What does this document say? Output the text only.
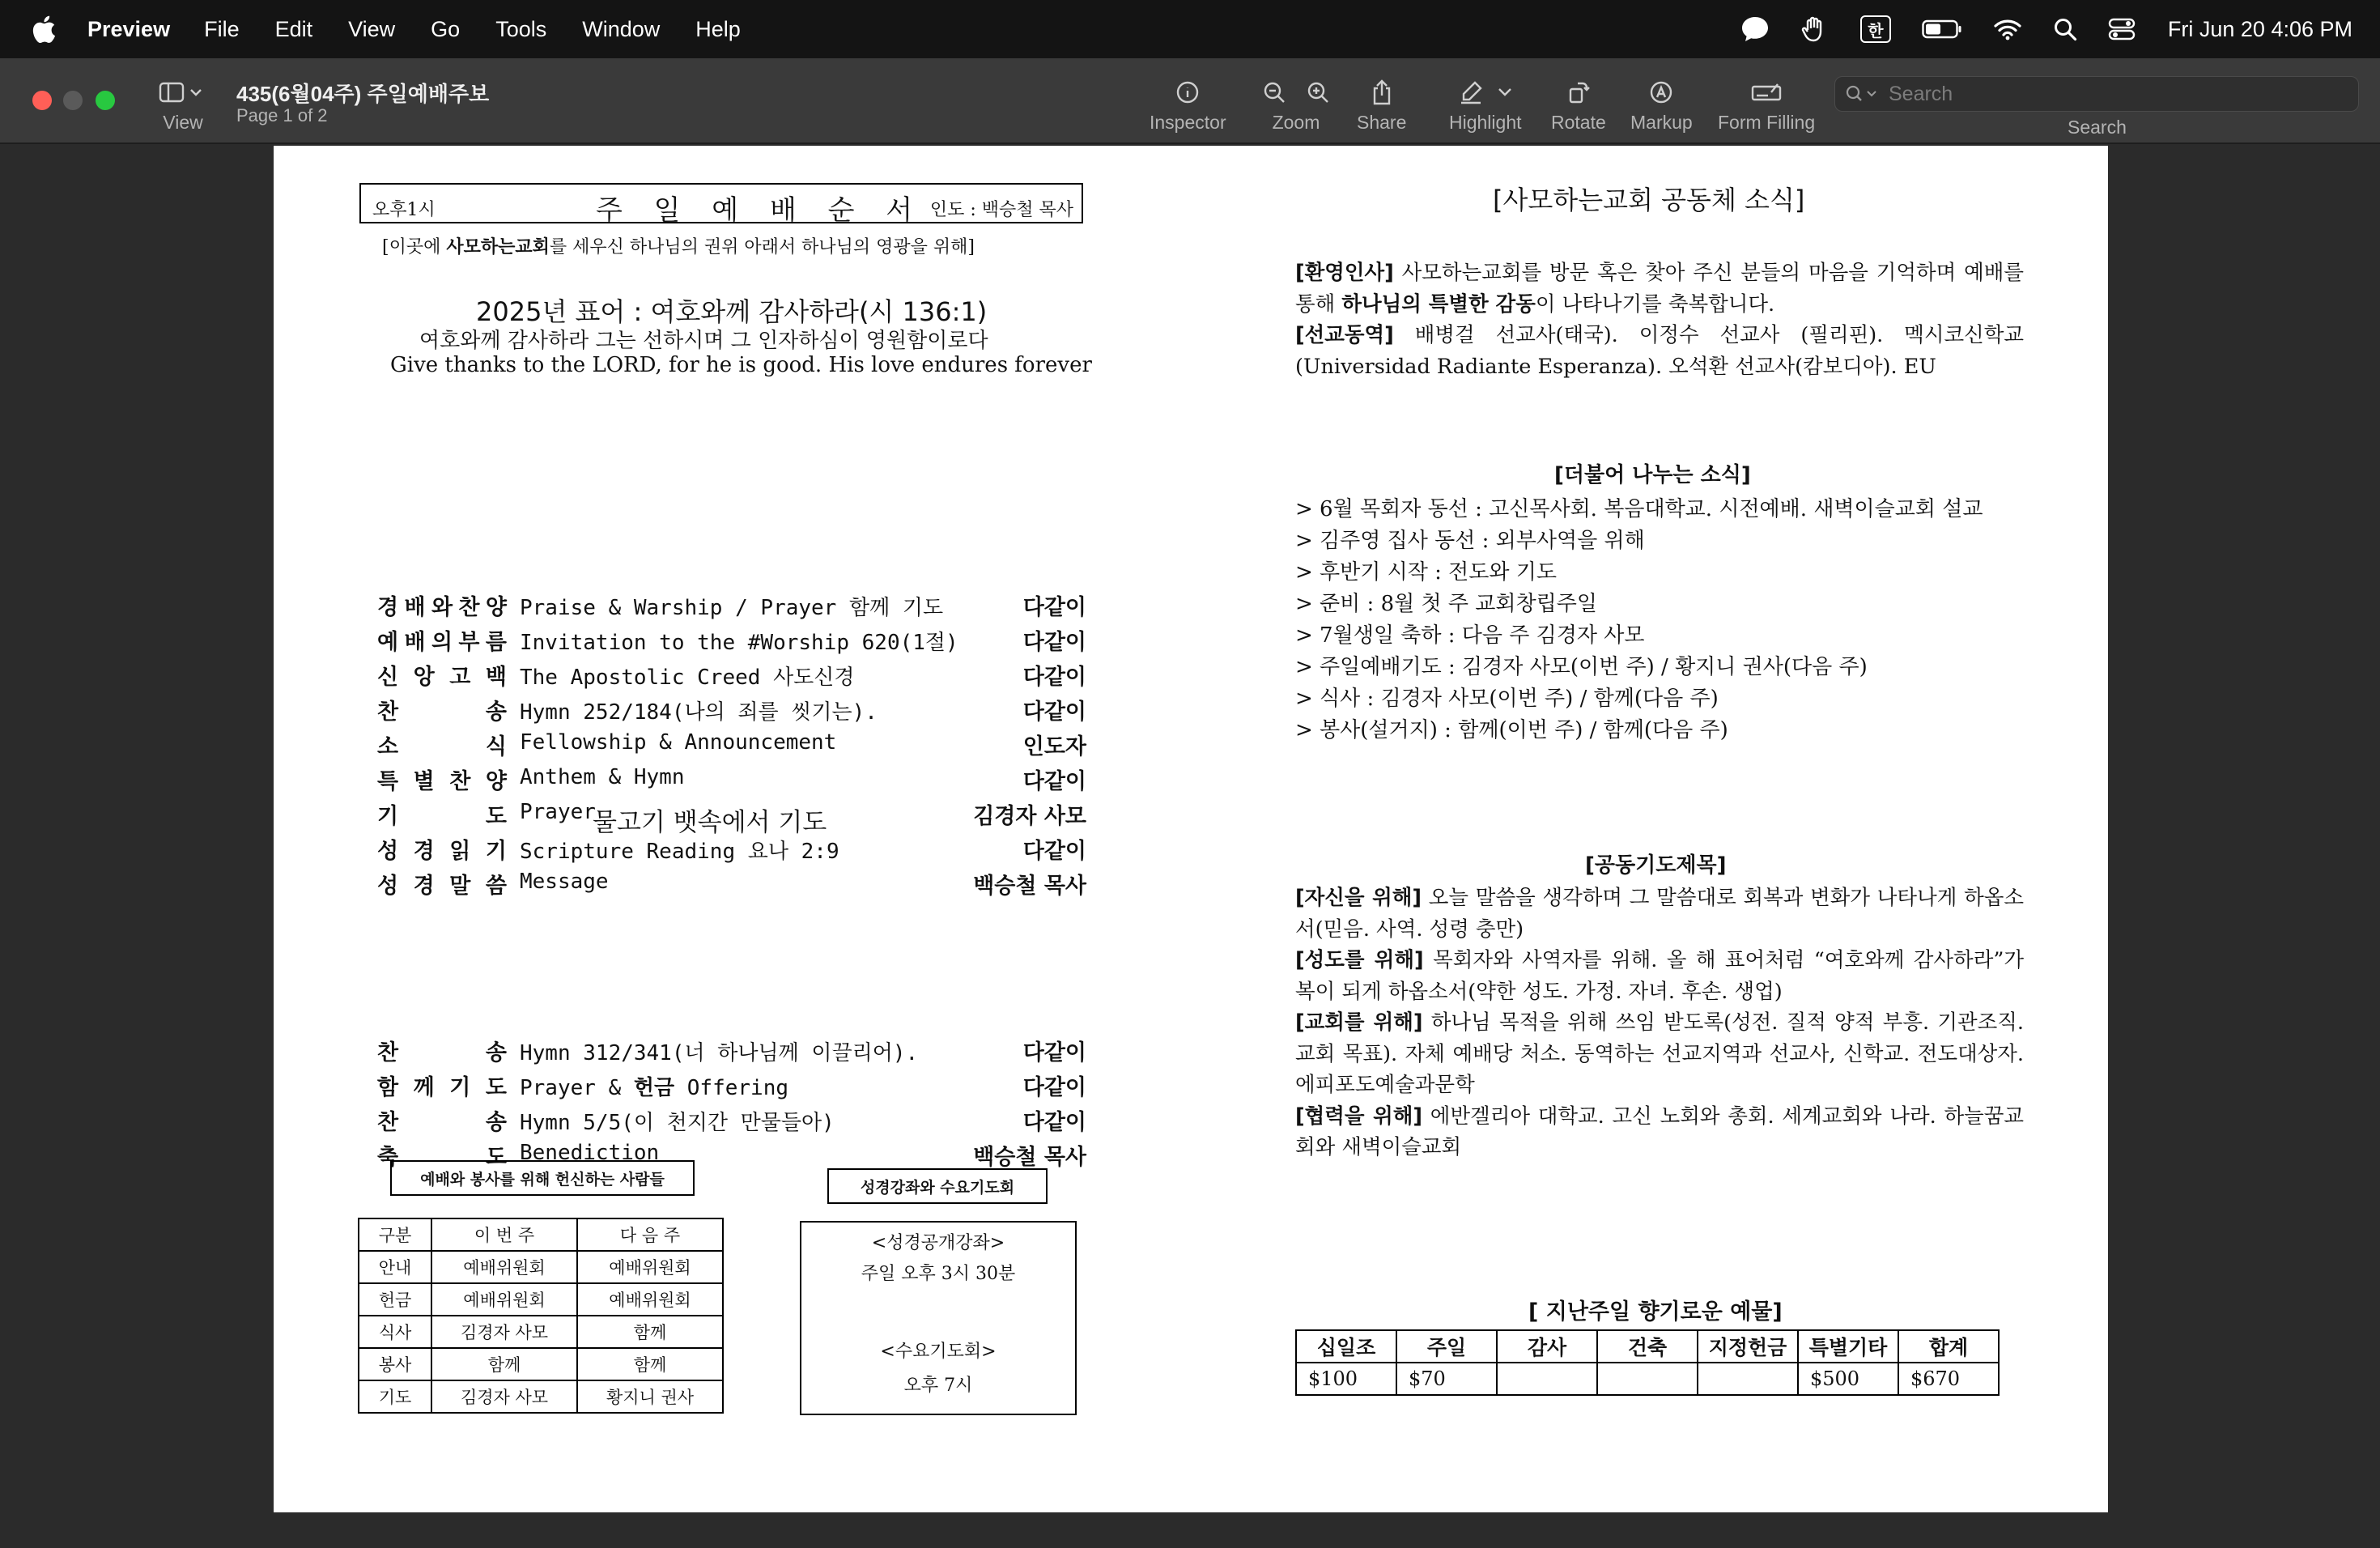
Preview File Edit View Go Tools Window Help	한	Fri Jun 20 4:06 PM
View
435(6월04주) 주일예배주보
Page 1 of 2	Inspector Zoom Share Highlight Rotate Markup Form Filling
Search	Search
오후1시	주 일 예 배 순 서 인도 : 백승철 목사
[이곳에 사모하는교회를 세우신 하나님의 권위 아래서 하나님의 영광을 위해]
2025년 표어 : 여호와께 감사하라(시 136:1)
여호와께 감사하라 그는 선하시며 그 인자하심이 영원함이로다
Give thanks to the LORD, for he is good. His love endures forever
경 배 와 찬 양 Praise & Warship / Prayer 함께 기도	다같이
예 배 의 부 름 Invitation to the #Worship 620(1절)	다같이
신 앙 고 백 The Apostolic Creed 사도신경	다같이
찬	송 Hymn 252/184(나의 죄를 씻기는).	다같이
소	식 Fellowship & Announcement	인도자
특 별 찬 양 Anthem & Hymn	다같이
기	도 Prayer	김경자 사모
성 경 읽 기 Scripture Reading 요나 2:9	다같이
성 경 말 씀 Message	백승철 목사
물고기 뱃속에서 기도
찬	송 Hymn 312/341(너 하나님께 이끌리어).	다같이
함 께 기 도 Prayer & 헌금 Offering	다같이
찬	송 Hymn 5/5(이 천지간 만물들아)	다같이
축	도 Benediction	백승철 목사
예배와 봉사를 위해 헌신하는 사람들
구분	이 번 주	다 음 주
안내	예배위원회	예배위원회
헌금	예배위원회	예배위원회
식사	김경자 사모	함께
봉사	함께	함께
기도	김경자 사모	황지니 권사
성경강좌와 수요기도회
<성경공개강좌>
주일 오후 3시 30분
<수요기도회>
오후 7시
[사모하는교회 공동체 소식]
[환영인사] 사모하는교회를 방문 혹은 찾아 주신 분들의 마음을 기억하며 예배를 통해 하나님의 특별한 감동이 나타나기를 축복합니다.
[선교동역] 배병걸 선교사(태국). 이정수 선교사 (필리핀). 멕시코신학교(Universidad Radiante Esperanza). 오석환 선교사(캄보디아). EU
[더불어 나누는 소식]
> 6월 목회자 동선 : 고신목사회. 복음대학교. 시전예배. 새벽이슬교회 설교
> 김주영 집사 동선 : 외부사역을 위해
> 후반기 시작 : 전도와 기도
> 준비 : 8월 첫 주 교회창립주일
> 7월생일 축하 : 다음 주 김경자 사모
> 주일예배기도 : 김경자 사모(이번 주) / 황지니 권사(다음 주)
> 식사 : 김경자 사모(이번 주) / 함께(다음 주)
> 봉사(설거지) : 함께(이번 주) / 함께(다음 주)
[공동기도제목]
[자신을 위해] 오늘 말씀을 생각하며 그 말씀대로 회복과 변화가 나타나게 하옵소서(믿음. 사역. 성령 충만)
[성도를 위해] 목회자와 사역자를 위해. 올 해 표어처럼 “여호와께 감사하라”가 복이 되게 하옵소서(약한 성도. 가정. 자녀. 후손. 생업)
[교회를 위해] 하나님 목적을 위해 쓰임 받도록(성전. 질적 양적 부흥. 기관조직. 교회 목표). 자체 예배당 처소. 동역하는 선교지역과 선교사, 신학교. 전도대상자. 에피포도예술과문학
[협력을 위해] 에반겔리아 대학교. 고신 노회와 총회. 세계교회와 나라. 하늘꿈교회와 새벽이슬교회
[ 지난주일 향기로운 예물]
십일조	주일	감사	건축	지정헌금	특별기타	합계
$100	$70				$500	$670
